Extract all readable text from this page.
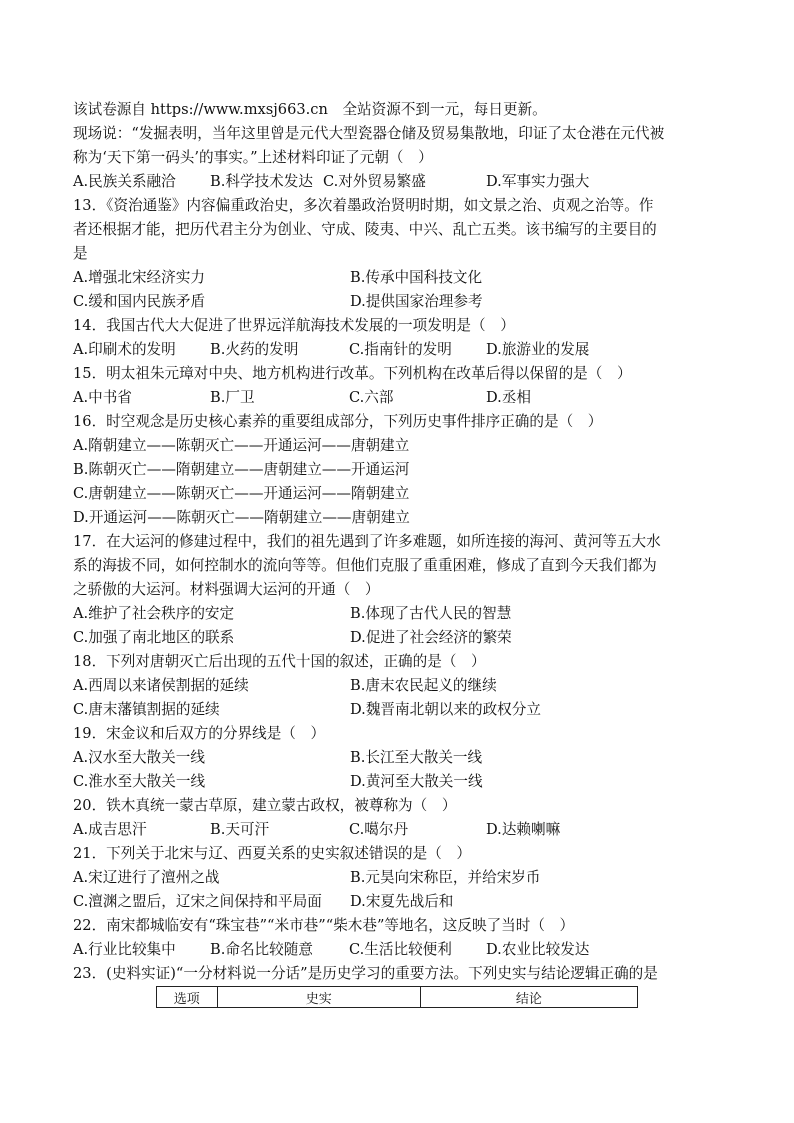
该试卷源自 https://www.mxsj663.cn　全站资源不到一元，每日更新。
现场说：“发掘表明，当年这里曾是元代大型瓷器仓储及贸易集散地，印证了太仓港在元代被
称为‘天下第一码头’的事实。”上述材料印证了元朝（　）
A.民族关系融洽 B.科学技术发达 C.对外贸易繁盛	D.军事实力强大
13．《资治通鉴》内容偏重政治史，多次着墨政治贤明时期，如文景之治、贞观之治等。作
者还根据才能，把历代君主分为创业、守成、陵夷、中兴、乱亡五类。该书编写的主要目的
是
A.增强北宋经济实力	B.传承中国科技文化
C.缓和国内民族矛盾	D.提供国家治理参考
14．我国古代大大促进了世界远洋航海技术发展的一项发明是（　）
A.印刷术的发明 B.火药的发明	C.指南针的发明 D.旅游业的发展
15．明太祖朱元璋对中央、地方机构进行改革。下列机构在改革后得以保留的是（　）
A.中书省	B.厂卫	C.六部	D.丞相
16．时空观念是历史核心素养的重要组成部分，下列历史事件排序正确的是（　）
A.隋朝建立——陈朝灭亡——开通运河——唐朝建立
B.陈朝灭亡——隋朝建立——唐朝建立——开通运河
C.唐朝建立——陈朝灭亡——开通运河——隋朝建立
D.开通运河——陈朝灭亡——隋朝建立——唐朝建立
17．在大运河的修建过程中，我们的祖先遇到了许多难题，如所连接的海河、黄河等五大水
系的海拔不同，如何控制水的流向等等。但他们克服了重重困难，修成了直到今天我们都为
之骄傲的大运河。材料强调大运河的开通（　）
A.维护了社会秩序的安定	B.体现了古代人民的智慧
C.加强了南北地区的联系	D.促进了社会经济的繁荣
18．下列对唐朝灭亡后出现的五代十国的叙述，正确的是（　）
A.西周以来诸侯割据的延续	B.唐末农民起义的继续
C.唐末藩镇割据的延续	D.魏晋南北朝以来的政权分立
19．宋金议和后双方的分界线是（　）
A.汉水至大散关一线	B.长江至大散关一线
C.淮水至大散关一线	D.黄河至大散关一线
20．铁木真统一蒙古草原，建立蒙古政权，被尊称为（　）
A.成吉思汗	B.天可汗	C.噶尔丹	D.达赖喇嘛
21．下列关于北宋与辽、西夏关系的史实叙述错误的是（　）
A.宋辽进行了澶州之战	B.元昊向宋称臣，并给宋岁币
C.澶渊之盟后，辽宋之间保持和平局面 D.宋夏先战后和
22．南宋都城临安有“珠宝巷”“米市巷”“柴木巷”等地名，这反映了当时（　）
A.行业比较集中 B.命名比较随意 C.生活比较便利 D.农业比较发达
23．(史料实证)“一分材料说一分话”是历史学习的重要方法。下列史实与结论逻辑正确的是
选项	史实	结论
